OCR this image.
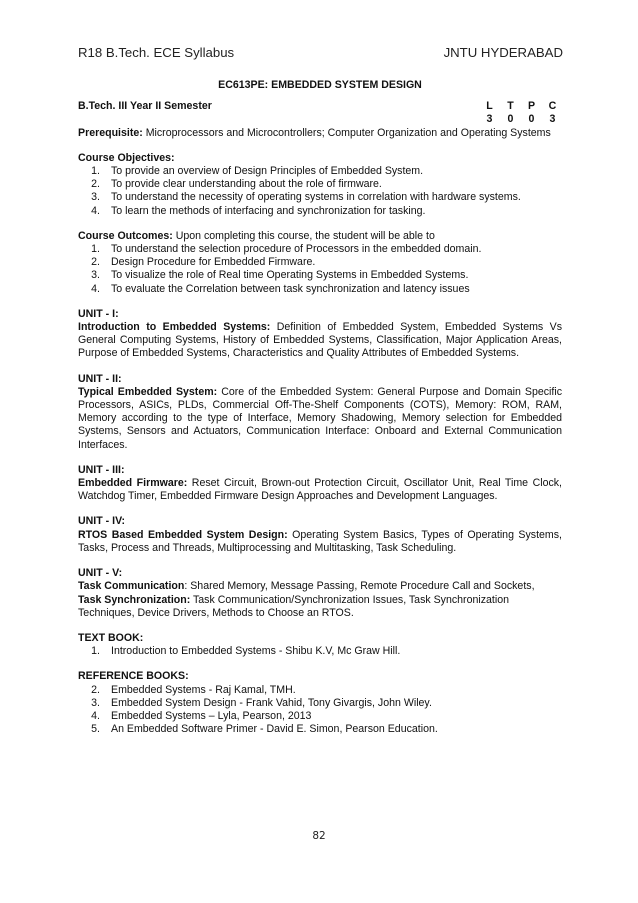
R18 B.Tech. ECE Syllabus	JNTU HYDERABAD
EC613PE: EMBEDDED SYSTEM DESIGN
B.Tech. III Year II Semester	L	T	P	C
3	0	0	3
Prerequisite: Microprocessors and Microcontrollers; Computer Organization and Operating Systems
Course Objectives:
1.	To provide an overview of Design Principles of Embedded System.
2.	To provide clear understanding about the role of firmware.
3.	To understand the necessity of operating systems in correlation with hardware systems.
4.	To learn the methods of interfacing and synchronization for tasking.
Course Outcomes: Upon completing this course, the student will be able to
1.	To understand the selection procedure of Processors in the embedded domain.
2.	Design Procedure for Embedded Firmware.
3.	To visualize the role of Real time Operating Systems in Embedded Systems.
4.	To evaluate the Correlation between task synchronization and latency issues
UNIT - I:
Introduction to Embedded Systems: Definition of Embedded System, Embedded Systems Vs General Computing Systems, History of Embedded Systems, Classification, Major Application Areas, Purpose of Embedded Systems, Characteristics and Quality Attributes of Embedded Systems.
UNIT - II:
Typical Embedded System: Core of the Embedded System: General Purpose and Domain Specific Processors, ASICs, PLDs, Commercial Off-The-Shelf Components (COTS), Memory: ROM, RAM, Memory according to the type of Interface, Memory Shadowing, Memory selection for Embedded Systems, Sensors and Actuators, Communication Interface: Onboard and External Communication Interfaces.
UNIT - III:
Embedded Firmware: Reset Circuit, Brown-out Protection Circuit, Oscillator Unit, Real Time Clock, Watchdog Timer, Embedded Firmware Design Approaches and Development Languages.
UNIT - IV:
RTOS Based Embedded System Design: Operating System Basics, Types of Operating Systems, Tasks, Process and Threads, Multiprocessing and Multitasking, Task Scheduling.
UNIT - V:
Task Communication: Shared Memory, Message Passing, Remote Procedure Call and Sockets,
Task Synchronization: Task Communication/Synchronization Issues, Task Synchronization Techniques, Device Drivers, Methods to Choose an RTOS.
TEXT BOOK:
1.	Introduction to Embedded Systems - Shibu K.V, Mc Graw Hill.
REFERENCE BOOKS:
2.	Embedded Systems - Raj Kamal, TMH.
3.	Embedded System Design - Frank Vahid, Tony Givargis, John Wiley.
4.	Embedded Systems – Lyla, Pearson, 2013
5.	An Embedded Software Primer - David E. Simon, Pearson Education.
82
